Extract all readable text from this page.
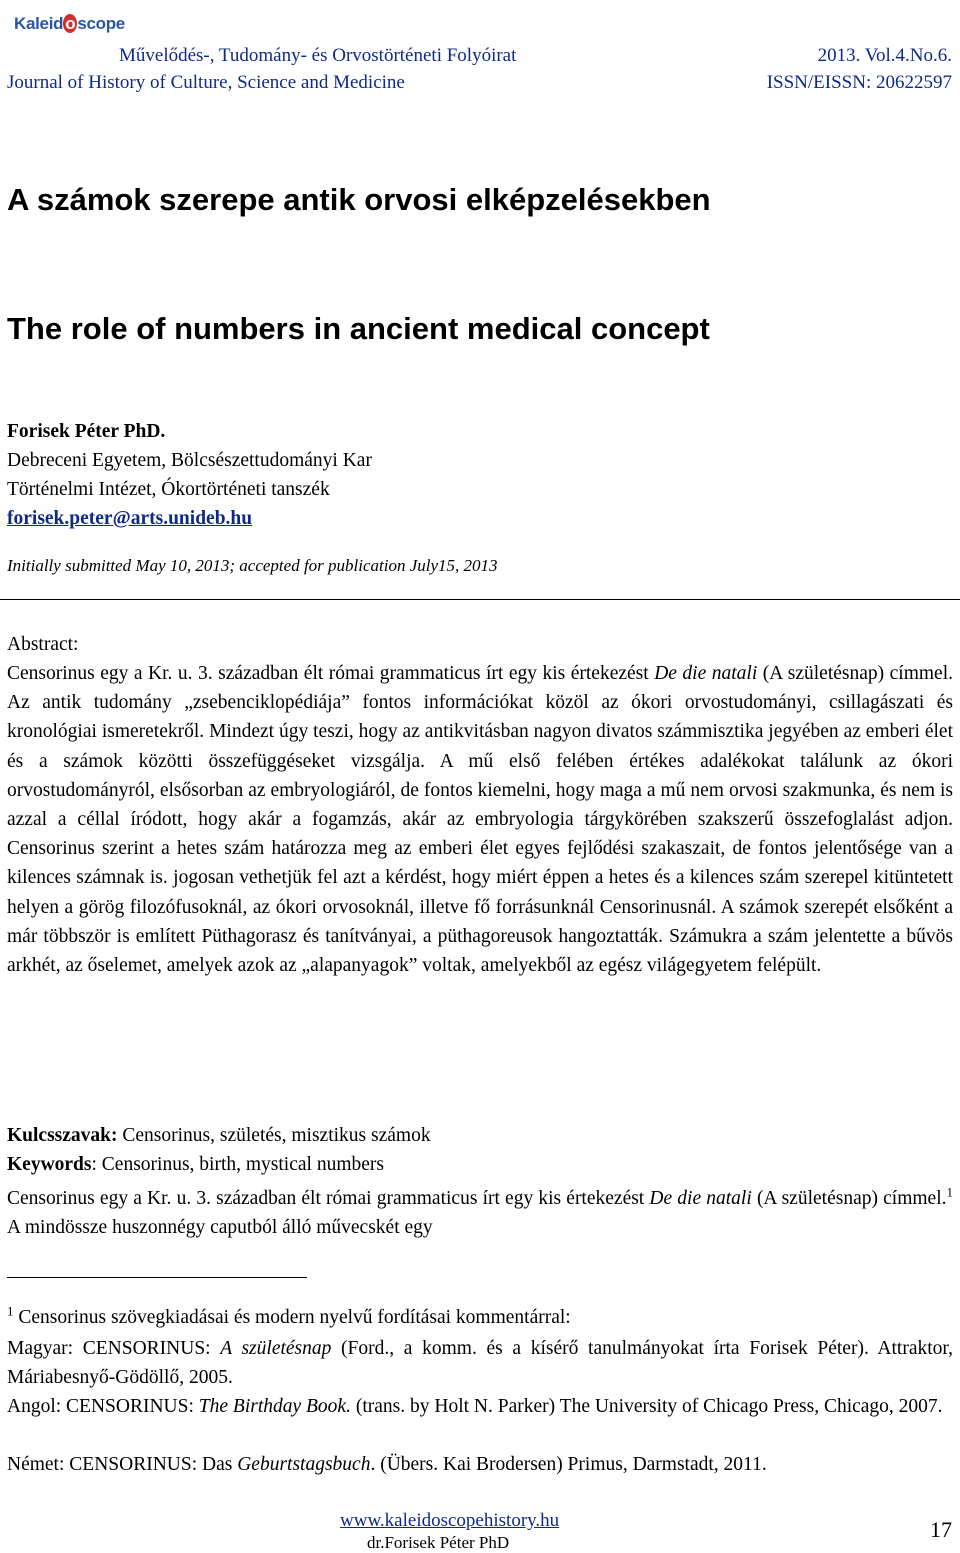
Kaleid o scope
Művelődés-, Tudomány- és Orvostörténeti Folyóirat
Journal of History of Culture, Science and Medicine
2013. Vol.4.No.6.
ISSN/EISSN: 20622597
A számok szerepe antik orvosi elképzelésekben
The role of numbers in ancient medical concept
Forisek Péter PhD.
Debreceni Egyetem, Bölcsészettudományi Kar
Történelmi Intézet, Ókortörténeti tanszék
forisek.peter@arts.unideb.hu
Initially submitted May 10, 2013; accepted for publication July15, 2013
Abstract:
Censorinus egy a Kr. u. 3. században élt római grammaticus írt egy kis értekezést De die natali (A születésnap) címmel. Az antik tudomány „zsebenciklopédiája” fontos információkat közöl az ókori orvostudományi, csillagászati és kronológiai ismeretekről. Mindezt úgy teszi, hogy az antikvitásban nagyon divatos számmisztika jegyében az emberi élet és a számok közötti összefüggéseket vizsgálja. A mű első felében értékes adalékokat találunk az ókori orvostudományról, elsősorban az embryologiáról, de fontos kiemelni, hogy maga a mű nem orvosi szakmunka, és nem is azzal a céllal íródott, hogy akár a fogamzás, akár az embryologia tárgykörében szakszerű összefoglalást adjon. Censorinus szerint a hetes szám határozza meg az emberi élet egyes fejlődési szakaszait, de fontos jelentősége van a kilences számnak is. jogosan vethetjük fel azt a kérdést, hogy miért éppen a hetes és a kilences szám szerepel kitüntetett helyen a görög filozófusoknál, az ókori orvosoknál, illetve fő forrásunknál Censorinusnál. A számok szerepét elsőként a már többször is említett Püthagorasz és tanítványai, a püthagoreusok hangoztatták. Számukra a szám jelentette a bűvös arkhét, az őselemet, amelyek azok az „alapanyagok” voltak, amelyekből az egész világegyetem felépült.
Kulcsszavak: Censorinus, születés, misztikus számok
Keywords: Censorinus, birth, mystical numbers
Censorinus egy a Kr. u. 3. században élt római grammaticus írt egy kis értekezést De die natali (A születésnap) címmel.$^1$ A mindössze huszonnégy caputból álló művecskét egy
$^1$ Censorinus szövegkiadásai és modern nyelvű fordításai kommentárral:
Magyar: CENSORINUS: A születésnap (Ford., a komm. és a kísérő tanulmányokat írta Forisek Péter). Attraktor, Máriabesnyő-Gödöllő, 2005.
Angol: CENSORINUS: The Birthday Book. (trans. by Holt N. Parker) The University of Chicago Press, Chicago, 2007.
Német: CENSORINUS: Das Geburtstagsbuch. (Übers. Kai Brodersen) Primus, Darmstadt, 2011.
www.kaleidoscopehistory.hu
dr.Forisek Péter PhD
17
